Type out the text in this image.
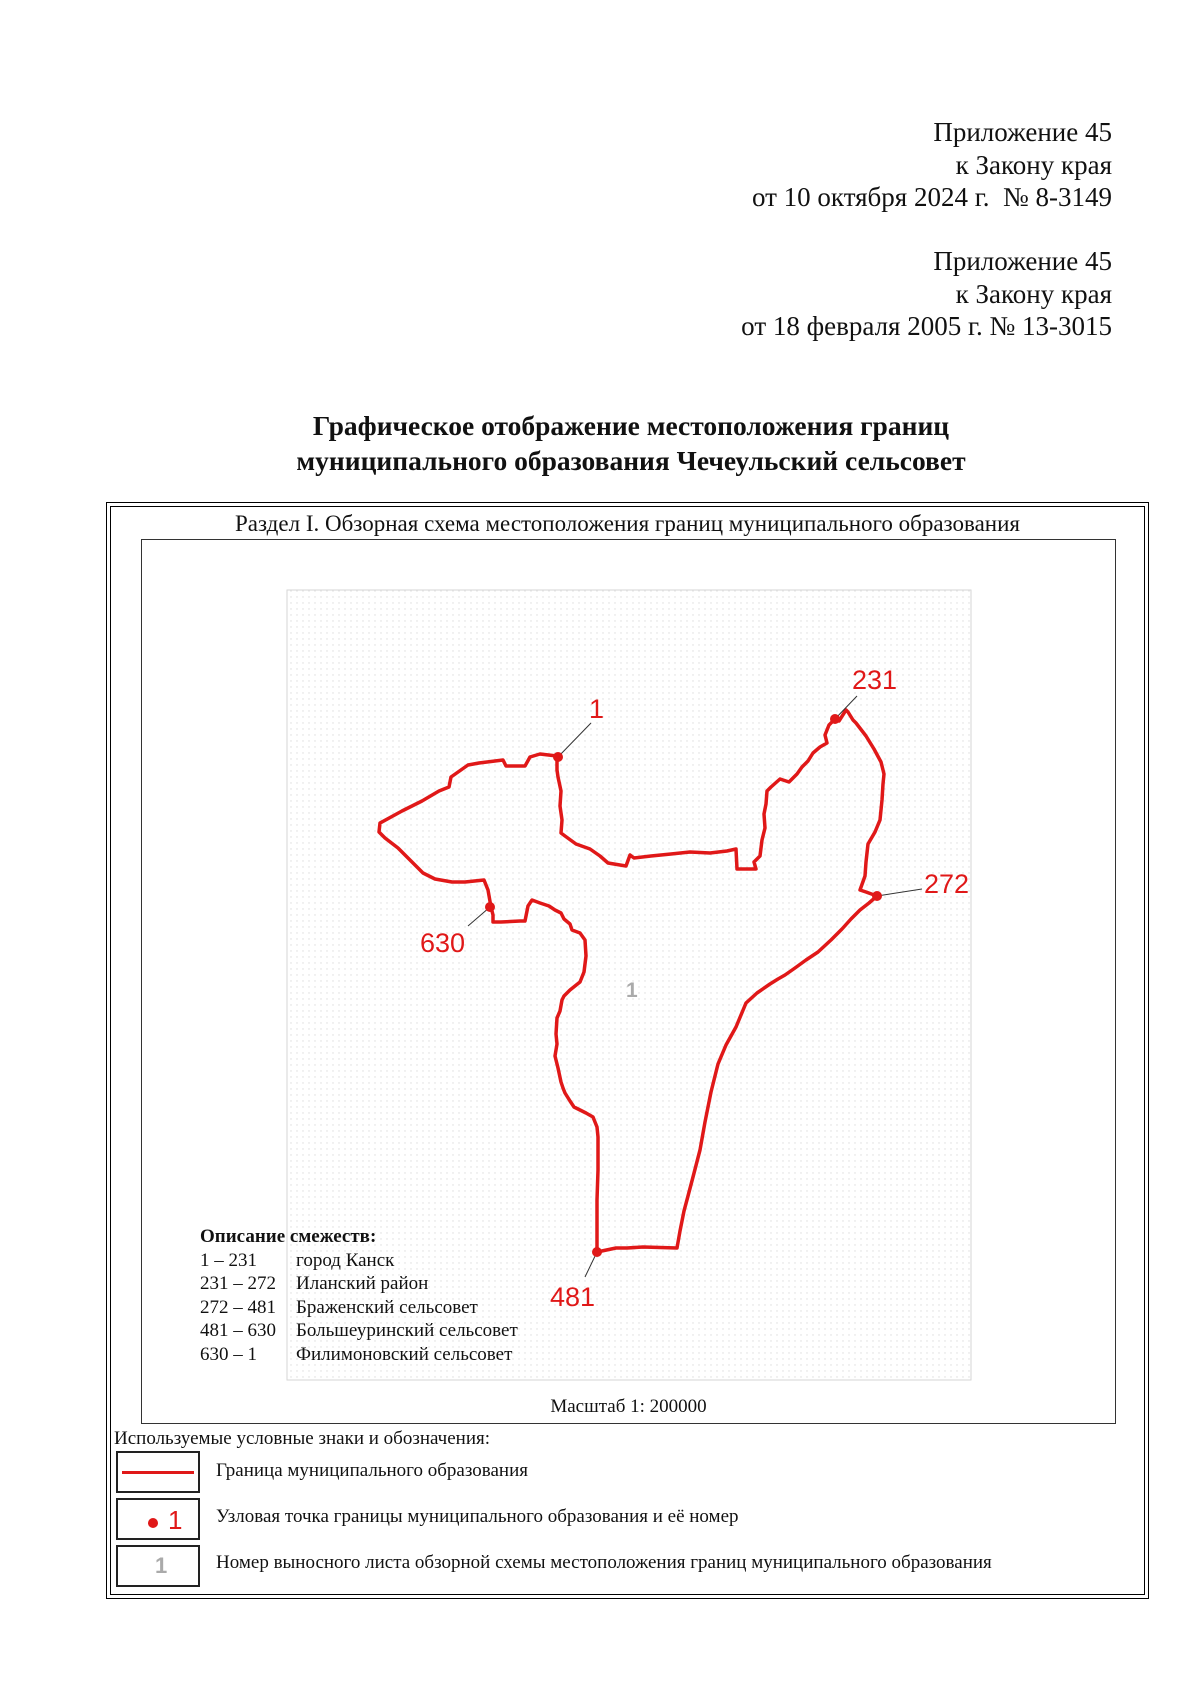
Приложение 45
к Закону края
от 10 октября 2024 г.  № 8-3149
Приложение 45
к Закону края
от 18 февраля 2005 г. № 13-3015
Графическое отображение местоположения границ
муниципального образования Чечеульский сельсовет
Раздел I. Обзорная схема местоположения границ муниципального образования
1
231
272
481
630
1
Описание смежеств:
1 – 231	город Канск
231 – 272	Иланский район
272 – 481	Браженский сельсовет
481 – 630	Большеуринский сельсовет
630 – 1	Филимоновский сельсовет
Масштаб 1: 200000
Используемые условные знаки и обозначения:
Граница муниципального образования
1 Узловая точка границы муниципального образования и её номер
1	Номер выносного листа обзорной схемы местоположения границ муниципального образования
